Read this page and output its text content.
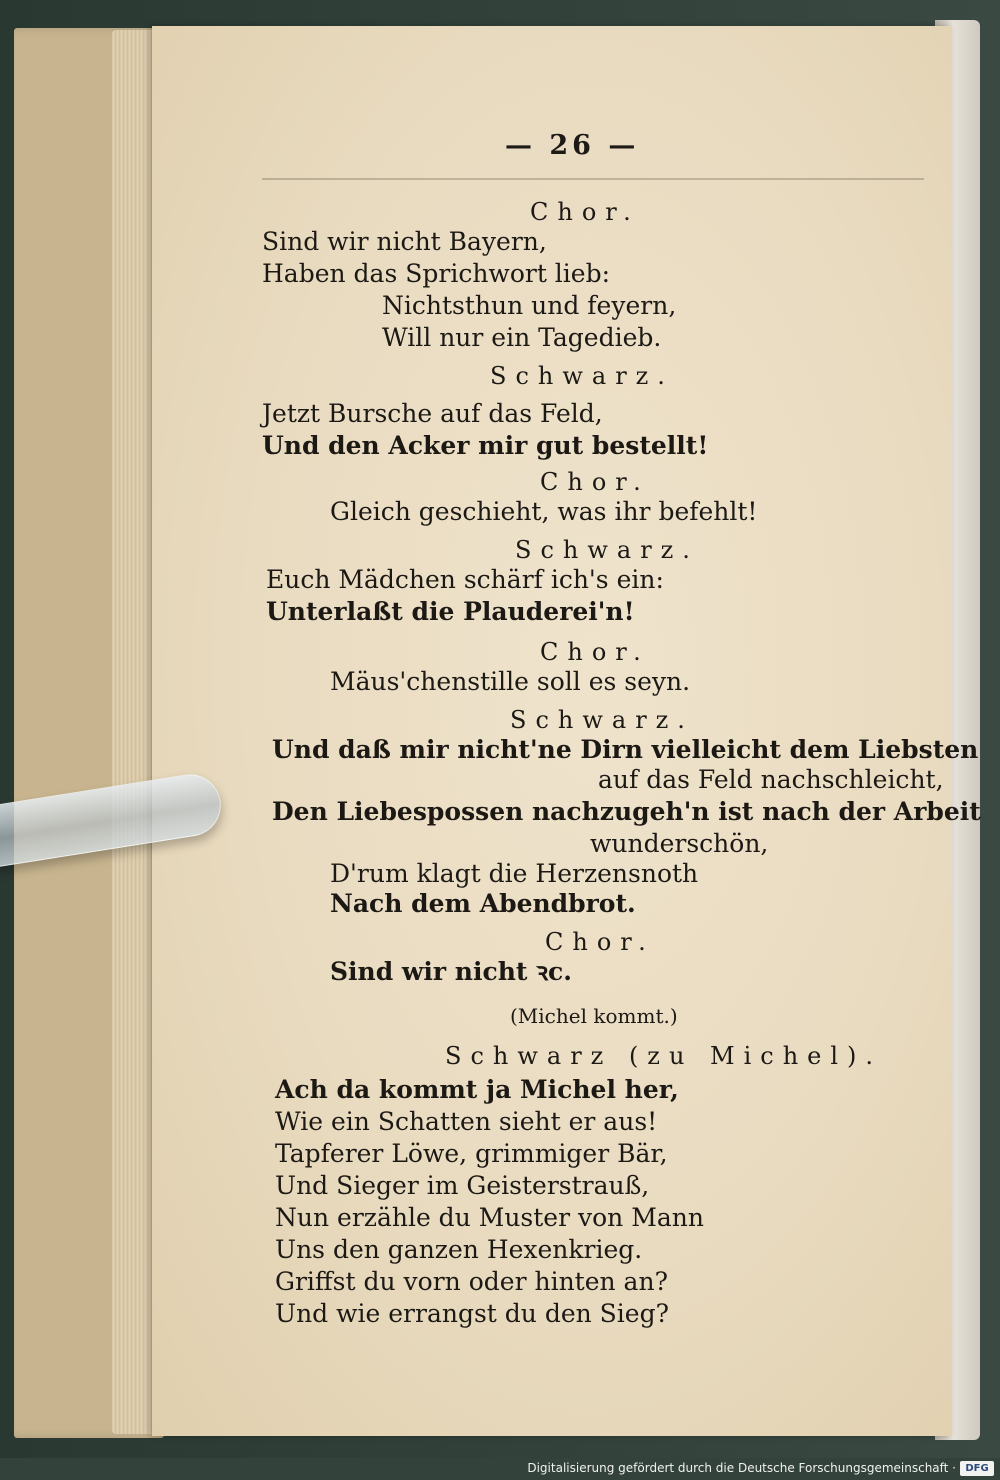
— 26 —
Chor.
Sind wir nicht Bayern,
Haben das Sprichwort lieb:
Nichtsthun und feyern,
Will nur ein Tagedieb.
Schwarz.
Jetzt Bursche auf das Feld,
Und den Acker mir gut bestellt!
Chor.
Gleich geschieht, was ihr befehlt!
Schwarz.
Euch Mädchen schärf ich's ein:
Unterlaßt die Plauderei'n!
Chor.
Mäus'chenstille soll es seyn.
Schwarz.
Und daß mir nicht'ne Dirn vielleicht dem Liebsten
auf das Feld nachschleicht,
Den Liebespossen nachzugeh'n ist nach der Arbeit
wunderschön,
D'rum klagt die Herzensnoth
Nach dem Abendbrot.
Chor.
Sind wir nicht ꝛc.
(Michel kommt.)
Schwarz (zu Michel).
Ach da kommt ja Michel her,
Wie ein Schatten sieht er aus!
Tapferer Löwe, grimmiger Bär,
Und Sieger im Geisterstrauß,
Nun erzähle du Muster von Mann
Uns den ganzen Hexenkrieg.
Griffst du vorn oder hinten an?
Und wie errangst du den Sieg?
Digitalisierung gefördert durch die Deutsche Forschungsgemeinschaft · DFG
